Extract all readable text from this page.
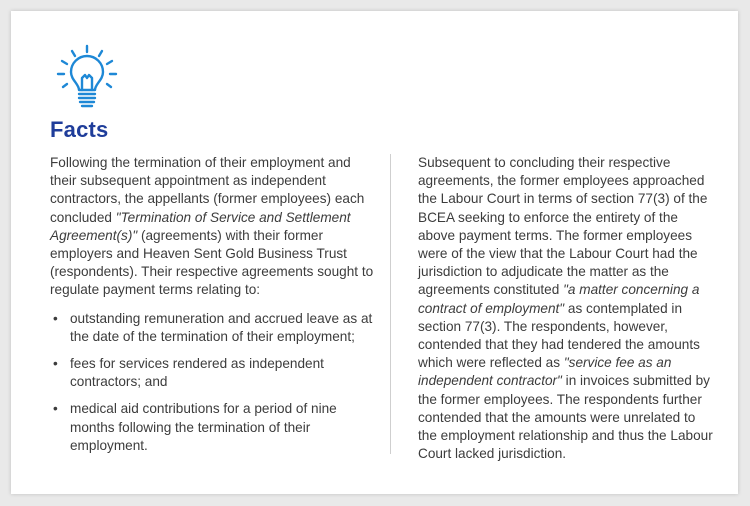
Facts

Following the termination of their employment and their subsequent appointment as independent contractors, the appellants (former employees) each concluded "Termination of Service and Settlement Agreement(s)" (agreements) with their former employers and Heaven Sent Gold Business Trust (respondents). Their respective agreements sought to regulate payment terms relating to:

• outstanding remuneration and accrued leave as at the date of the termination of their employment;
• fees for services rendered as independent contractors; and
• medical aid contributions for a period of nine months following the termination of their employment.

Subsequent to concluding their respective agreements, the former employees approached the Labour Court in terms of section 77(3) of the BCEA seeking to enforce the entirety of the above payment terms. The former employees were of the view that the Labour Court had the jurisdiction to adjudicate the matter as the agreements constituted "a matter concerning a contract of employment" as contemplated in section 77(3). The respondents, however, contended that they had tendered the amounts which were reflected as "service fee as an independent contractor" in invoices submitted by the former employees. The respondents further contended that the amounts were unrelated to the employment relationship and thus the Labour Court lacked jurisdiction.
